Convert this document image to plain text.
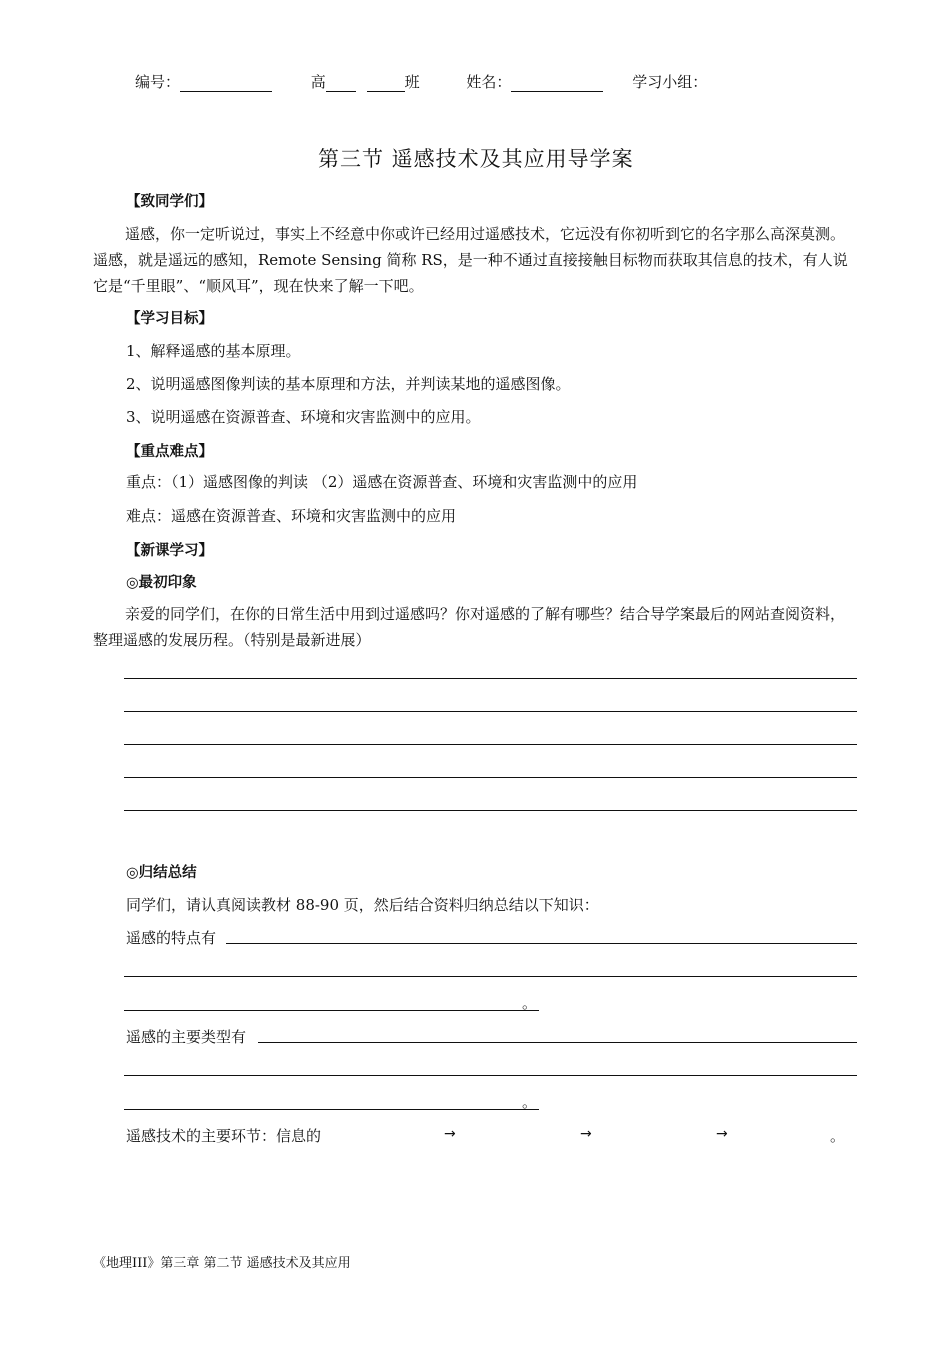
编号：	高	班	姓名：	学习小组：
第三节 遥感技术及其应用导学案
【致同学们】
遥感，你一定听说过，事实上不经意中你或许已经用过遥感技术，它远没有你初听到它的名字那么高深莫测。遥感，就是遥远的感知，Remote Sensing 简称 RS，是一种不通过直接接触目标物而获取其信息的技术，有人说它是“千里眼”、“顺风耳”，现在快来了解一下吧。
【学习目标】
1、解释遥感的基本原理。
2、说明遥感图像判读的基本原理和方法，并判读某地的遥感图像。
3、说明遥感在资源普查、环境和灾害监测中的应用。
【重点难点】
重点：（1）遥感图像的判读 （2）遥感在资源普查、环境和灾害监测中的应用
难点：遥感在资源普查、环境和灾害监测中的应用
【新课学习】
◎最初印象
亲爱的同学们，在你的日常生活中用到过遥感吗？你对遥感的了解有哪些？结合导学案最后的网站查阅资料，整理遥感的发展历程。（特别是最新进展）
◎归结总结
同学们，请认真阅读教材 88-90 页，然后结合资料归纳总结以下知识：
遥感的特点有
。
遥感的主要类型有
。
遥感技术的主要环节：信息的	→	→	→	。
《地理III》第三章 第二节 遥感技术及其应用
